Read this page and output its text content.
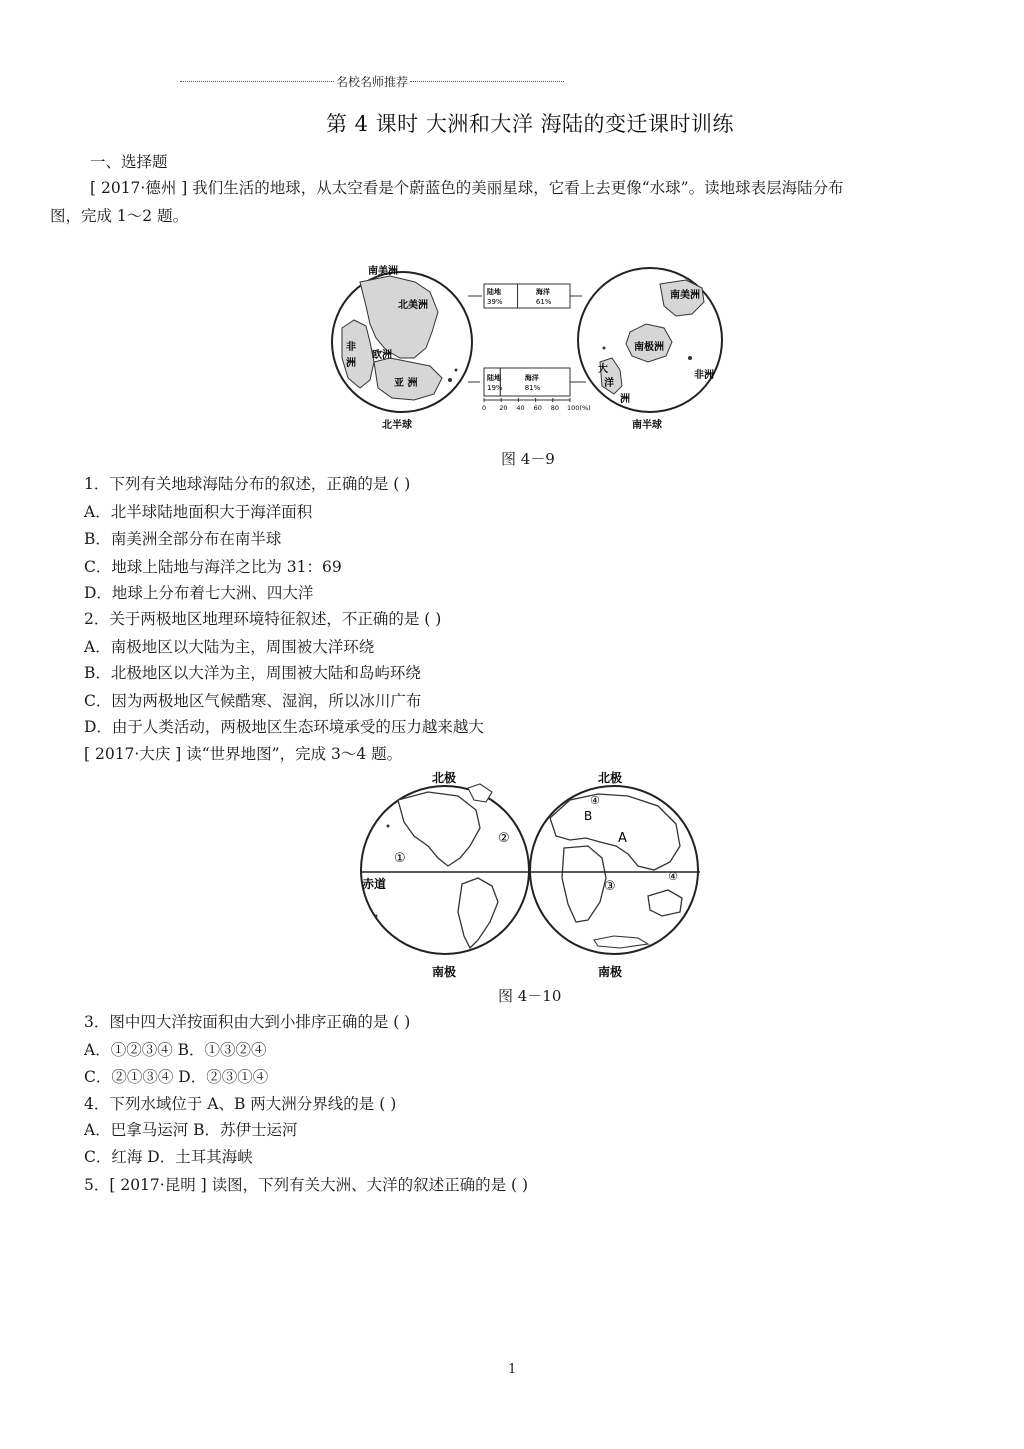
名校名师推荐
第 4 课时 大洲和大洋 海陆的变迁课时训练
一、选择题
[ 2017·德州 ] 我们生活的地球，从太空看是个蔚蓝色的美丽星球，它看上去更像“水球”。读地球表层海陆分布
图，完成 1～2 题。
南美洲
北美洲
非
洲
欧洲
亚 洲
北半球
南美洲
南极洲
非洲
大
洋
洲
南半球
陆地
39%
海洋
61%
陆地
19%
海洋
81%
0 20 40 60 80 100(%)
图 4－9
1．下列有关地球海陆分布的叙述，正确的是 ( )
A．北半球陆地面积大于海洋面积
B．南美洲全部分布在南半球
C．地球上陆地与海洋之比为 31：69
D．地球上分布着七大洲、四大洋
2．关于两极地区地理环境特征叙述，不正确的是 ( )
A．南极地区以大陆为主，周围被大洋环绕
B．北极地区以大洋为主，周围被大陆和岛屿环绕
C．因为两极地区气候酷寒、湿润，所以冰川广布
D．由于人类活动，两极地区生态环境承受的压力越来越大
[ 2017·大庆 ] 读“世界地图”，完成 3～4 题。
①
②
③
④
A
B
④
赤道
北极	北极
南极	南极
图 4－10
3．图中四大洋按面积由大到小排序正确的是 ( )
A．①②③④ B．①③②④
C．②①③④ D．②③①④
4．下列水域位于 A、B 两大洲分界线的是 ( )
A．巴拿马运河 B．苏伊士运河
C．红海 D．土耳其海峡
5．[ 2017·昆明 ] 读图，下列有关大洲、大洋的叙述正确的是 ( )
1
